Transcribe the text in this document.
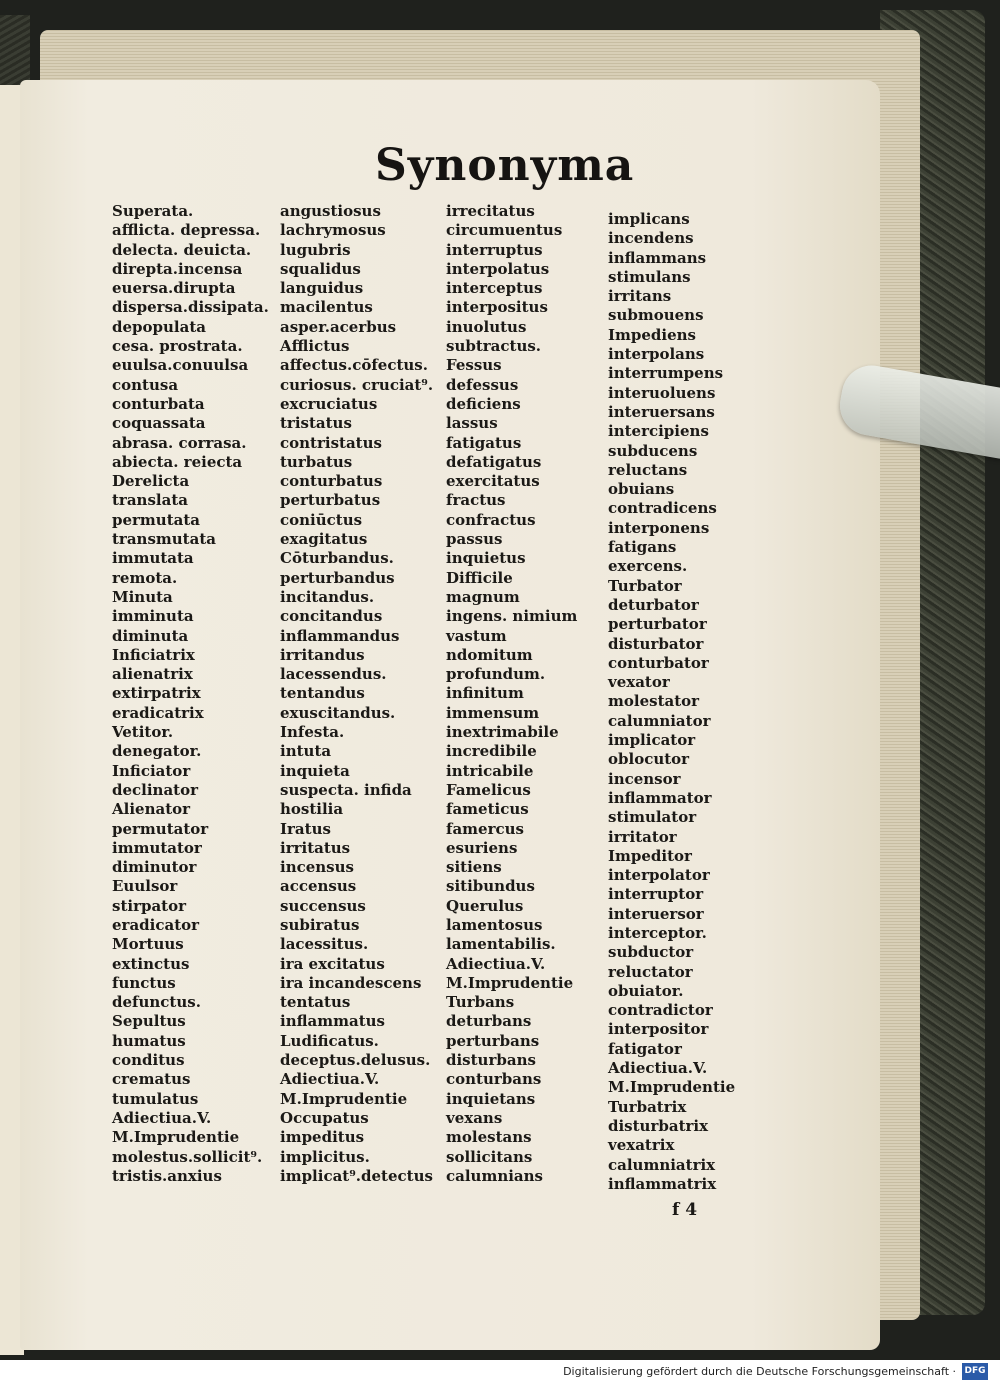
Synonyma
Superata.
afflicta. depressa.
delecta. deuicta.
direpta.incensa
euersa.dirupta
dispersa.dissipata.
depopulata
cesa. prostrata.
euulsa.conuulsa
contusa
conturbata
coquassata
abrasa. corrasa.
abiecta. reiecta
Derelicta
translata
permutata
transmutata
immutata
remota.
Minuta
imminuta
diminuta
Inficiatrix
alienatrix
extirpatrix
eradicatrix
Vetitor.
denegator.
Inficiator
declinator
Alienator
permutator
immutator
diminutor
Euulsor
stirpator
eradicator
Mortuus
extinctus
functus
defunctus.
Sepultus
humatus
conditus
crematus
tumulatus
Adiectiua.V.
M.Imprudentie
molestus.sollicit⁹.
tristis.anxius
angustiosus
lachrymosus
lugubris
squalidus
languidus
macilentus
asper.acerbus
Afflictus
affectus.cōfectus.
curiosus. cruciat⁹.
excruciatus
tristatus
contristatus
turbatus
conturbatus
perturbatus
coniūctus
exagitatus
Cōturbandus.
perturbandus
incitandus.
concitandus
inflammandus
irritandus
lacessendus.
tentandus
exuscitandus.
Infesta.
intuta
inquieta
suspecta. infida
hostilia
Iratus
irritatus
incensus
accensus
succensus
subiratus
lacessitus.
ira excitatus
ira incandescens
tentatus
inflammatus
Ludificatus.
deceptus.delusus.
Adiectiua.V.
M.Imprudentie
Occupatus
impeditus
implicitus.
implicat⁹.detectus
irrecitatus
circumuentus
interruptus
interpolatus
interceptus
interpositus
inuolutus
subtractus.
Fessus
defessus
deficiens
lassus
fatigatus
defatigatus
exercitatus
fractus
confractus
passus
inquietus
Difficile
magnum
ingens. nimium
vastum
ndomitum
profundum.
infinitum
immensum
inextrimabile
incredibile
intricabile
Famelicus
fameticus
famercus
esuriens
sitiens
sitibundus
Querulus
lamentosus
lamentabilis.
Adiectiua.V.
M.Imprudentie
Turbans
deturbans
perturbans
disturbans
conturbans
inquietans
vexans
molestans
sollicitans
calumnians
implicans
incendens
inflammans
stimulans
irritans
submouens
Impediens
interpolans
interrumpens
interuoluens
interuersans
intercipiens
subducens
reluctans
obuians
contradicens
interponens
fatigans
exercens.
Turbator
deturbator
perturbator
disturbator
conturbator
vexator
molestator
calumniator
implicator
oblocutor
incensor
inflammator
stimulator
irritator
Impeditor
interpolator
interruptor
interuersor
interceptor.
subductor
reluctator
obuiator.
contradictor
interpositor
fatigator
Adiectiua.V.
M.Imprudentie
Turbatrix
disturbatrix
vexatrix
calumniatrix
inflammatrix
f 4
Digitalisierung gefördert durch die Deutsche Forschungsgemeinschaft · DFG
